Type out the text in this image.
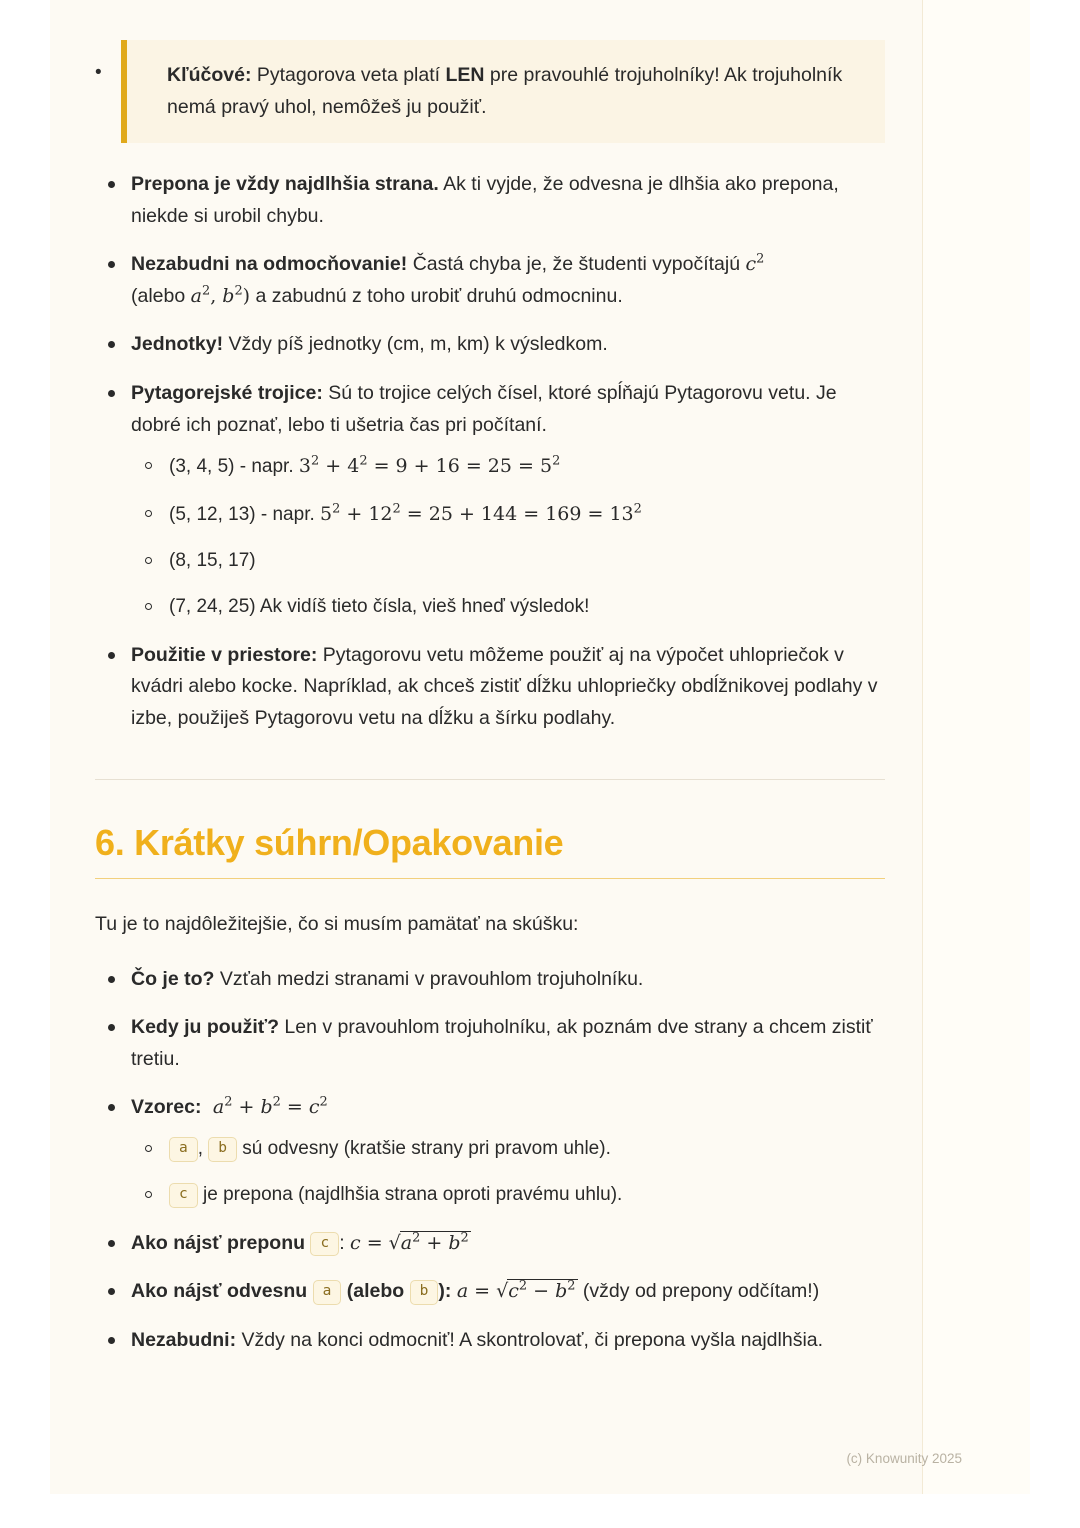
•	Kľúčové: Pytagorova veta platí LEN pre pravouhlé trojuholníky! Ak trojuholník nemá pravý uhol, nemôžeš ju použiť.
Prepona je vždy najdlhšia strana. Ak ti vyjde, že odvesna je dlhšia ako prepona, niekde si urobil chybu.
Nezabudni na odmocňovanie! Častá chyba je, že študenti vypočítajú $c^2$
(alebo $a^2$, $b^2$) a zabudnú z toho urobiť druhú odmocninu.
Jednotky! Vždy píš jednotky (cm, m, km) k výsledkom.
Pytagorejské trojice: Sú to trojice celých čísel, ktoré spĺňajú Pytagorovu vetu. Je dobré ich poznať, lebo ti ušetria čas pri počítaní.
(3, 4, 5) - napr. $3^2 + 4^2 = 9 + 16 = 25 = 5^2$
(5, 12, 13) - napr. $5^2 + 12^2 = 25 + 144 = 169 = 13^2$
(8, 15, 17)
(7, 24, 25) Ak vidíš tieto čísla, vieš hneď výsledok!
Použitie v priestore: Pytagorovu vetu môžeme použiť aj na výpočet uhlopriečok v kvádri alebo kocke. Napríklad, ak chceš zistiť dĺžku uhlopriečky obdĺžnikovej podlahy v izbe, použiješ Pytagorovu vetu na dĺžku a šírku podlahy.
6. Krátky súhrn/Opakovanie

Tu je to najdôležitejšie, čo si musím pamätať na skúšku:

Čo je to? Vzťah medzi stranami v pravouhlom trojuholníku.
Kedy ju použiť? Len v pravouhlom trojuholníku, ak poznám dve strany a chcem zistiť tretiu.
Vzorec:  $a^2 + b^2 = c^2$
a , b sú odvesny (kratšie strany pri pravom uhle).
c je prepona (najdlhšia strana oproti pravému uhlu).
Ako nájsť preponu c : $c = √a^2 + b^2$
Ako nájsť odvesnu a (alebo b ): $a = √c^2 - b^2$ (vždy od prepony odčítam!)
Nezabudni: Vždy na konci odmocniť! A skontrolovať, či prepona vyšla najdlhšia.
(c) Knowunity 2025
